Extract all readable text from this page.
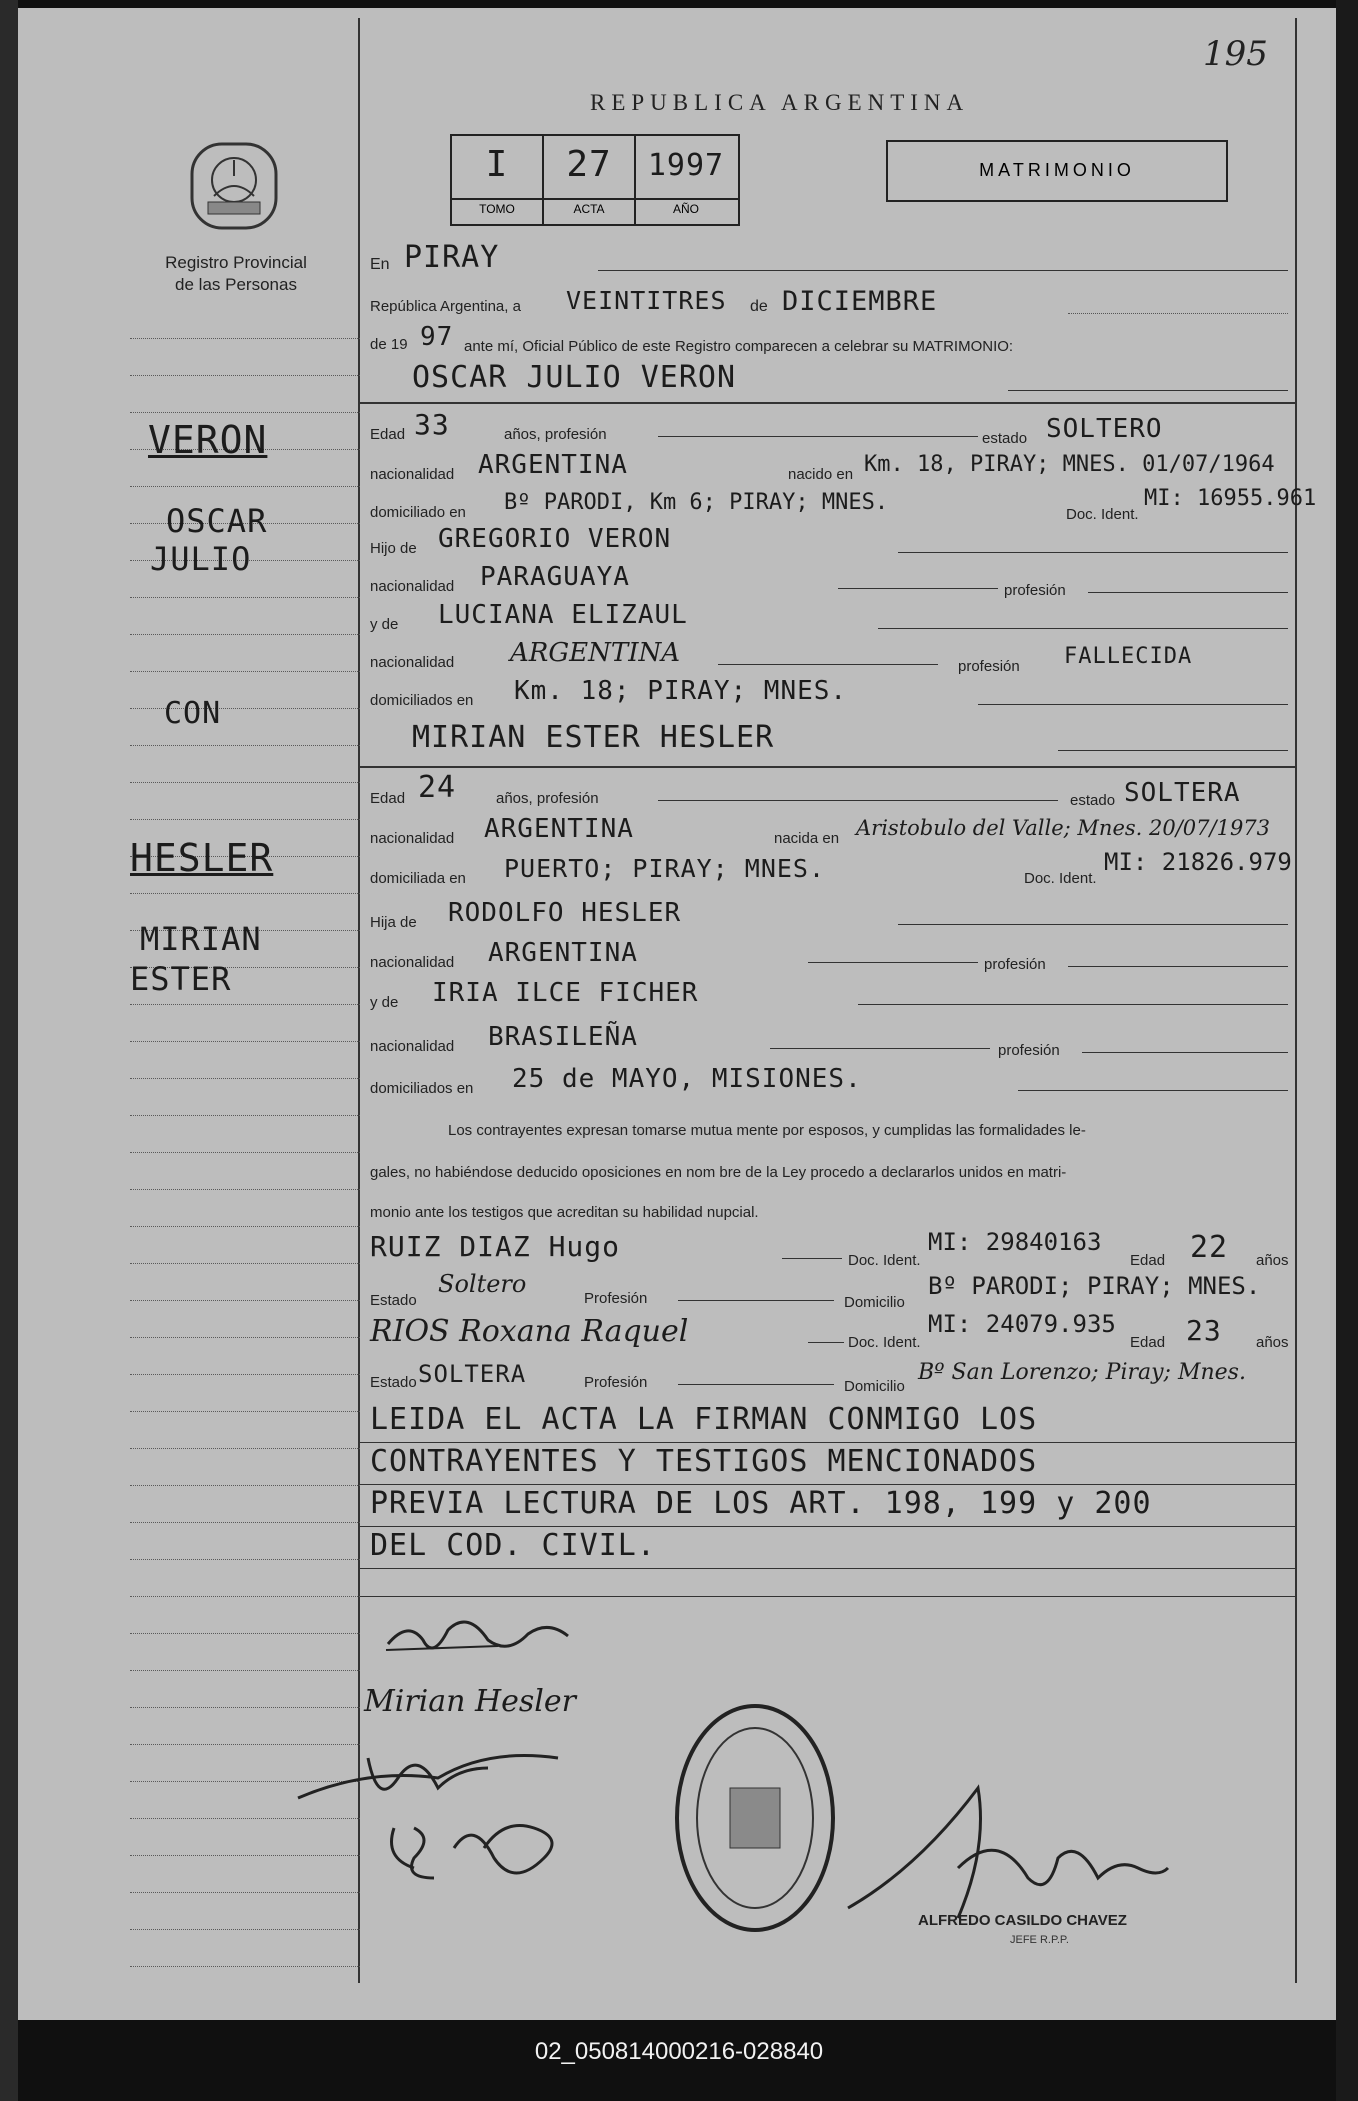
195
REPUBLICA ARGENTINA
Registro Provincial
de las Personas
I	27	1997
TOMO	ACTA	AÑO
MATRIMONIO
En PIRAY
República Argentina, a VEINTITRES de DICIEMBRE
de 19 97 ante mí, Oficial Público de este Registro comparecen a celebrar su MATRIMONIO:
OSCAR JULIO VERON
Edad 33	años, profesión	estado SOLTERO
nacionalidad ARGENTINA	nacido en Km. 18, PIRAY; MNES. 01/07/1964
domiciliado en Bº PARODI, Km 6; PIRAY; MNES.	Doc. Ident.
MI: 16955.961
Hijo de GREGORIO VERON
nacionalidad PARAGUAYA	profesión
y de LUCIANA ELIZAUL
nacionalidad ARGENTINA	profesión FALLECIDA
domiciliados en Km. 18; PIRAY; MNES.
MIRIAN ESTER HESLER
Edad 24	años, profesión	estado SOLTERA
nacionalidad ARGENTINA	nacida en Aristobulo del Valle; Mnes. 20/07/1973
domiciliada en PUERTO; PIRAY; MNES.	Doc. Ident.
MI: 21826.979
Hija de RODOLFO HESLER
nacionalidad ARGENTINA	profesión
y de IRIA ILCE FICHER
nacionalidad BRASILEÑA	profesión
domiciliados en 25 de MAYO, MISIONES.
Los contrayentes expresan tomarse mutua mente por esposos, y cumplidas las formalidades le-
gales, no habiéndose deducido oposiciones en nom bre de la Ley procedo a declararlos unidos en matri-
monio ante los testigos que acreditan su habilidad nupcial.
RUIZ DIAZ Hugo	Doc. Ident.
MI: 29840163
Edad 22 años
Estado
Soltero
Profesión	Domicilio
Bº PARODI; PIRAY; MNES.
RIOS Roxana Raquel	Doc. Ident.
MI: 24079.935
Edad 23 años
Estado SOLTERA	Profesión	Domicilio
Bº San Lorenzo; Piray; Mnes.
LEIDA EL ACTA LA FIRMAN CONMIGO LOS
CONTRAYENTES Y TESTIGOS MENCIONADOS
PREVIA LECTURA DE LOS ART. 198, 199 y 200
DEL COD. CIVIL.
VERON
OSCAR
JULIO
CON
HESLER
MIRIAN
ESTER
Mirian Hesler
ALFREDO CASILDO CHAVEZ
JEFE R.P.P.
02_050814000216-028840
